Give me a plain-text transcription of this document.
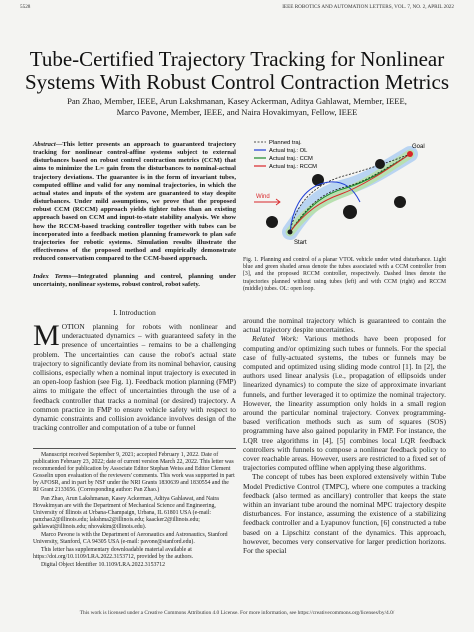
5528	IEEE ROBOTICS AND AUTOMATION LETTERS, VOL. 7, NO. 2, APRIL 2022
Tube-Certified Trajectory Tracking for Nonlinear Systems With Robust Control Contraction Metrics
Pan Zhao, Member, IEEE, Arun Lakshmanan, Kasey Ackerman, Aditya Gahlawat, Member, IEEE,
Marco Pavone, Member, IEEE, and Naira Hovakimyan, Fellow, IEEE
Abstract—This letter presents an approach to guaranteed trajectory tracking for nonlinear control-affine systems subject to external disturbances based on robust control contraction metrics (CCM) that aims to minimize the L∞ gain from the disturbances to nominal-actual trajectory deviations. The guarantee is in the form of invariant tubes, computed offline and valid for any nominal trajectories, in which the actual states and inputs of the system are guaranteed to stay despite disturbances. Under mild assumptions, we prove that the proposed robust CCM (RCCM) approach yields tighter tubes than an existing approach based on CCM and input-to-state stability analysis. We show how the RCCM-based tracking controller together with tubes can be incorporated into a feedback motion planning framework to plan safe trajectories for robotic systems. Simulation results illustrate the effectiveness of the proposed method and empirically demonstrate reduced conservatism compared to the CCM-based approach.
Index Terms—Integrated planning and control, planning under uncertainty, nonlinear systems, robust control, robot safety.
I. Introduction
MOTION planning for robots with nonlinear and underactuated dynamics – with guaranteed safety in the presence of uncertainties – remains to be a challenging problem. The uncertainties can cause the robot's actual state trajectory to significantly deviate from its nominal behavior, causing collisions, especially when a nominal input trajectory is executed in an open-loop fashion (see Fig. 1). Feedback motion planning (FMP) aims to mitigate the effect of uncertainties through the use of a feedback controller that tracks a nominal (or desired) trajectory. A common practice in FMP to ensure vehicle safety with respect to dynamic constraints and collision avoidance involves design of the tracking controller and computation of a tube or funnel

Manuscript received September 9, 2021; accepted February 1, 2022. Date of publication February 23, 2022; date of current version March 22, 2022. This letter was recommended for publication by Associate Editor Stephan Weiss and Editor Clement Gosselin upon evaluation of the reviewers' comments. This work was supported in part by AFOSR, and in part by NSF under the NRI Grants 1830639 and 1830554 and the RI Grant 2133656. (Corresponding author: Pan Zhao.)

Pan Zhao, Arun Lakshmanan, Kasey Ackerman, Aditya Gahlawat, and Naira Hovakimyan are with the Department of Mechanical Science and Engineering, University of Illinois at Urbana-Champaign, Urbana, IL 61801 USA (e-mail: panzhao2@illinois.edu; lakshma2@illinois.edu; kaacker2@illinois.edu; gahlawat@illinois.edu; nhovakim@illinois.edu).

Marco Pavone is with the Department of Aeronautics and Astronautics, Stanford University, Stanford, CA 94305 USA (e-mail: pavone@stanford.edu).

This letter has supplementary downloadable material available at https://doi.org/10.1109/LRA.2022.3153712, provided by the authors.

Digital Object Identifier 10.1109/LRA.2022.3153712

Goal
Start
Wind
Planned traj.
Actual traj.: OL
Actual traj.: CCM
Actual traj.: RCCM
Fig. 1. Planning and control of a planar VTOL vehicle under wind disturbance. Light blue and green shaded areas denote the tubes associated with a CCM controller from [3], and the proposed RCCM controller, respectively. Dashed lines denote the trajectories planned without using tubes (left) and with CCM (right) and RCCM (middle) tubes. OL: open loop.

around the nominal trajectory which is guaranteed to contain the actual trajectory despite uncertainties.

Related Work: Various methods have been proposed for computing and/or optimizing such tubes or funnels. For the special case of fully-actuated systems, the tubes or funnels may be computed and optimized using sliding mode control [1]. In [2], the authors used linear analysis (i.e., propagation of ellipsoids under linearized dynamics) to compute the size of approximate invariant funnels, and further leveraged it to optimize the nominal trajectory. However, the linearity assumption only holds in a small region around the particular nominal trajectory. Convex programming-based verification methods such as sum of squares (SOS) programming have also gained popularity in FMP. For instance, the LQR tree algorithms in [4], [5] combines local LQR feedback controllers with funnels to compose a nonlinear feedback policy to cover reachable areas. However, users are restricted to a fixed set of trajectories computed offline when applying these algorithms.

The concept of tubes has been explored extensively within Tube Model Predictive Control (TMPC), where one computes a tracking feedback (also termed as ancillary) controller that keeps the state within an invariant tube around the nominal MPC trajectory despite disturbances. For instance, assuming the existence of a stabilizing feedback controller and a Lyapunov function, [6] constructed a tube based on a Lipschitz constant of the dynamics. This approach, however, becomes very conservative for larger prediction horizons. For the special

This work is licensed under a Creative Commons Attribution 4.0 License. For more information, see https://creativecommons.org/licenses/by/4.0/
